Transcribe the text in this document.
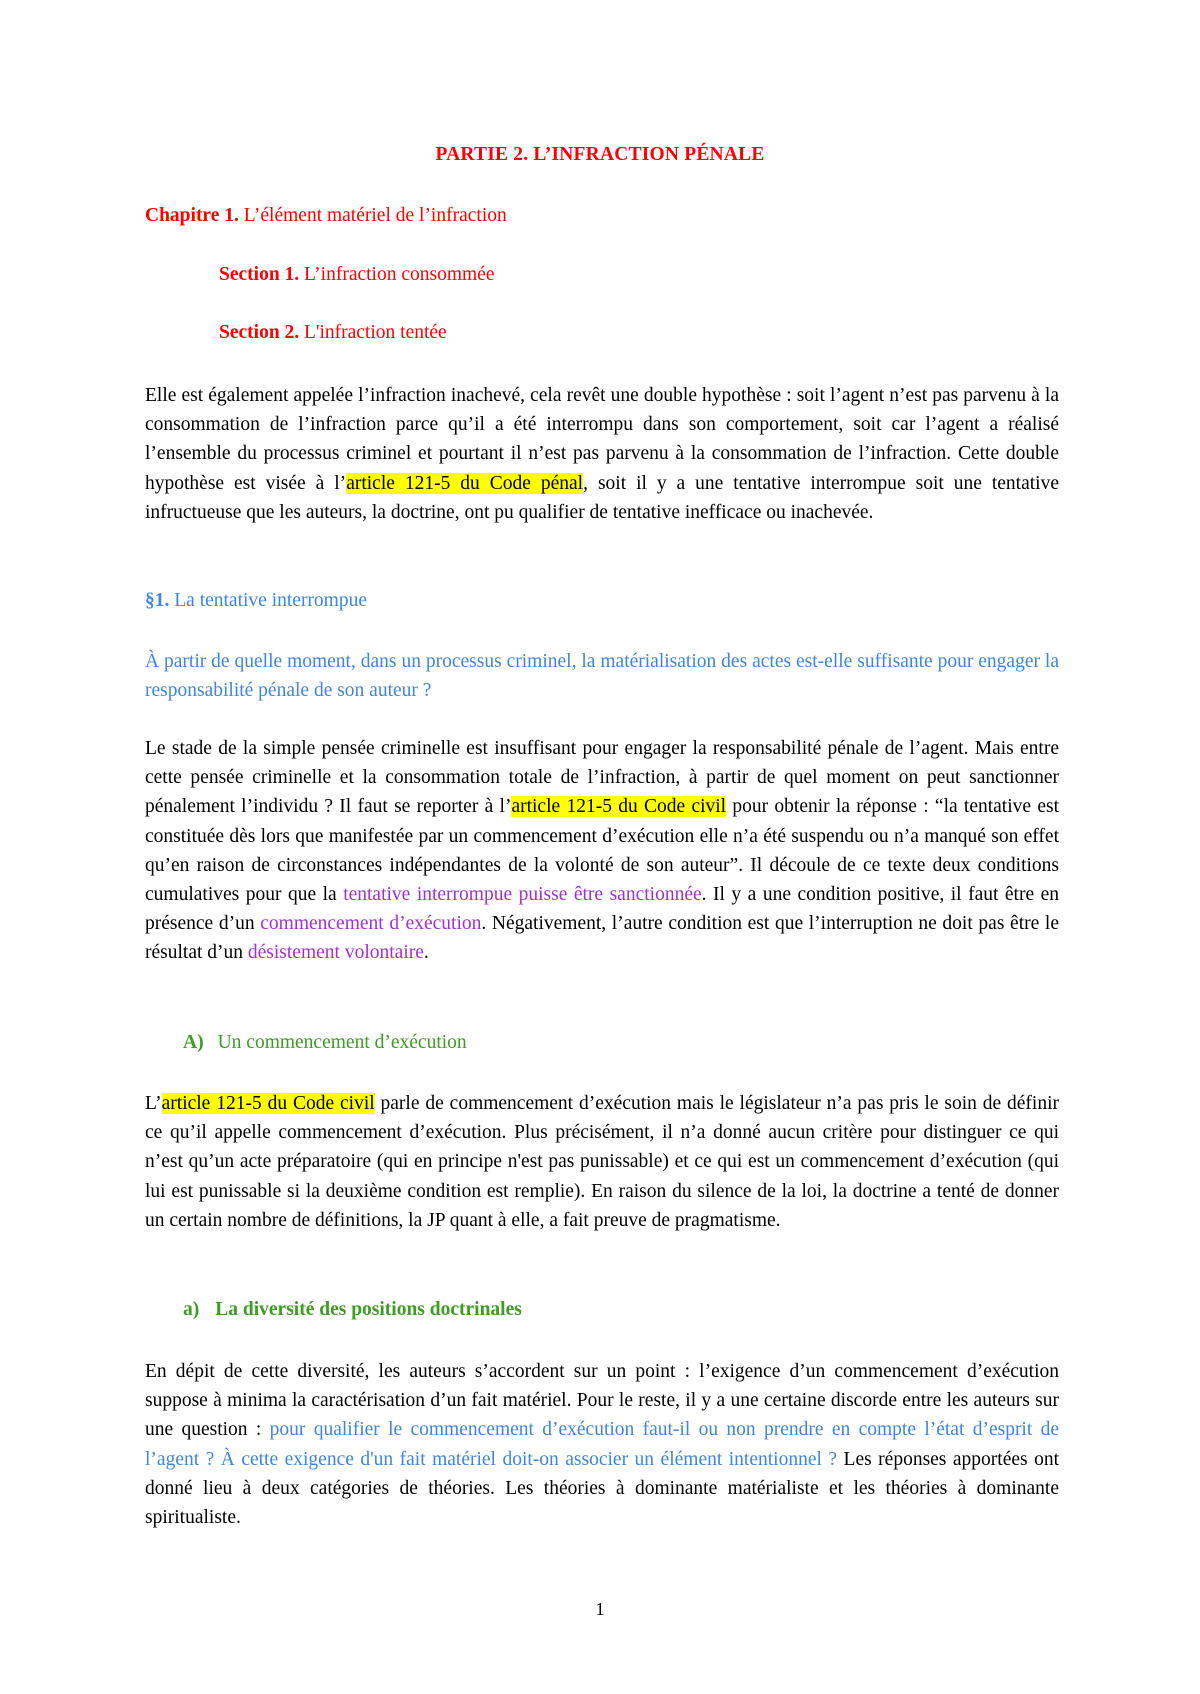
PARTIE 2. L’INFRACTION PÉNALE
Chapitre 1. L’élément matériel de l’infraction
Section 1. L’infraction consommée
Section 2. L'infraction tentée

Elle est également appelée l’infraction inachevé, cela revêt une double hypothèse : soit l’agent n’est pas parvenu à la consommation de l’infraction parce qu’il a été interrompu dans son comportement, soit car l’agent a réalisé l’ensemble du processus criminel et pourtant il n’est pas parvenu à la consommation de l’infraction. Cette double hypothèse est visée à l’article 121-5 du Code pénal, soit il y a une tentative interrompue soit une tentative infructueuse que les auteurs, la doctrine, ont pu qualifier de tentative inefficace ou inachevée.

§1. La tentative interrompue

À partir de quelle moment, dans un processus criminel, la matérialisation des actes est-elle suffisante pour engager la responsabilité pénale de son auteur ?

Le stade de la simple pensée criminelle est insuffisant pour engager la responsabilité pénale de l’agent. Mais entre cette pensée criminelle et la consommation totale de l’infraction, à partir de quel moment on peut sanctionner pénalement l’individu ? Il faut se reporter à l’article 121-5 du Code civil pour obtenir la réponse : “la tentative est constituée dès lors que manifestée par un commencement d’exécution elle n’a été suspendu ou n’a manqué son effet qu’en raison de circonstances indépendantes de la volonté de son auteur”. Il découle de ce texte deux conditions cumulatives pour que la tentative interrompue puisse être sanctionnée. Il y a une condition positive, il faut être en présence d’un commencement d’exécution. Négativement, l’autre condition est que l’interruption ne doit pas être le résultat d’un désistement volontaire.

A) Un commencement d’exécution

L’article 121-5 du Code civil parle de commencement d’exécution mais le législateur n’a pas pris le soin de définir ce qu’il appelle commencement d’exécution. Plus précisément, il n’a donné aucun critère pour distinguer ce qui n’est qu’un acte préparatoire (qui en principe n'est pas punissable) et ce qui est un commencement d’exécution (qui lui est punissable si la deuxième condition est remplie). En raison du silence de la loi, la doctrine a tenté de donner un certain nombre de définitions, la JP quant à elle, a fait preuve de pragmatisme.

a) La diversité des positions doctrinales

En dépit de cette diversité, les auteurs s’accordent sur un point : l’exigence d’un commencement d’exécution suppose à minima la caractérisation d’un fait matériel. Pour le reste, il y a une certaine discorde entre les auteurs sur une question : pour qualifier le commencement d’exécution faut-il ou non prendre en compte l’état d’esprit de l’agent ? À cette exigence d'un fait matériel doit-on associer un élément intentionnel ? Les réponses apportées ont donné lieu à deux catégories de théories. Les théories à dominante matérialiste et les théories à dominante spiritualiste.

1
